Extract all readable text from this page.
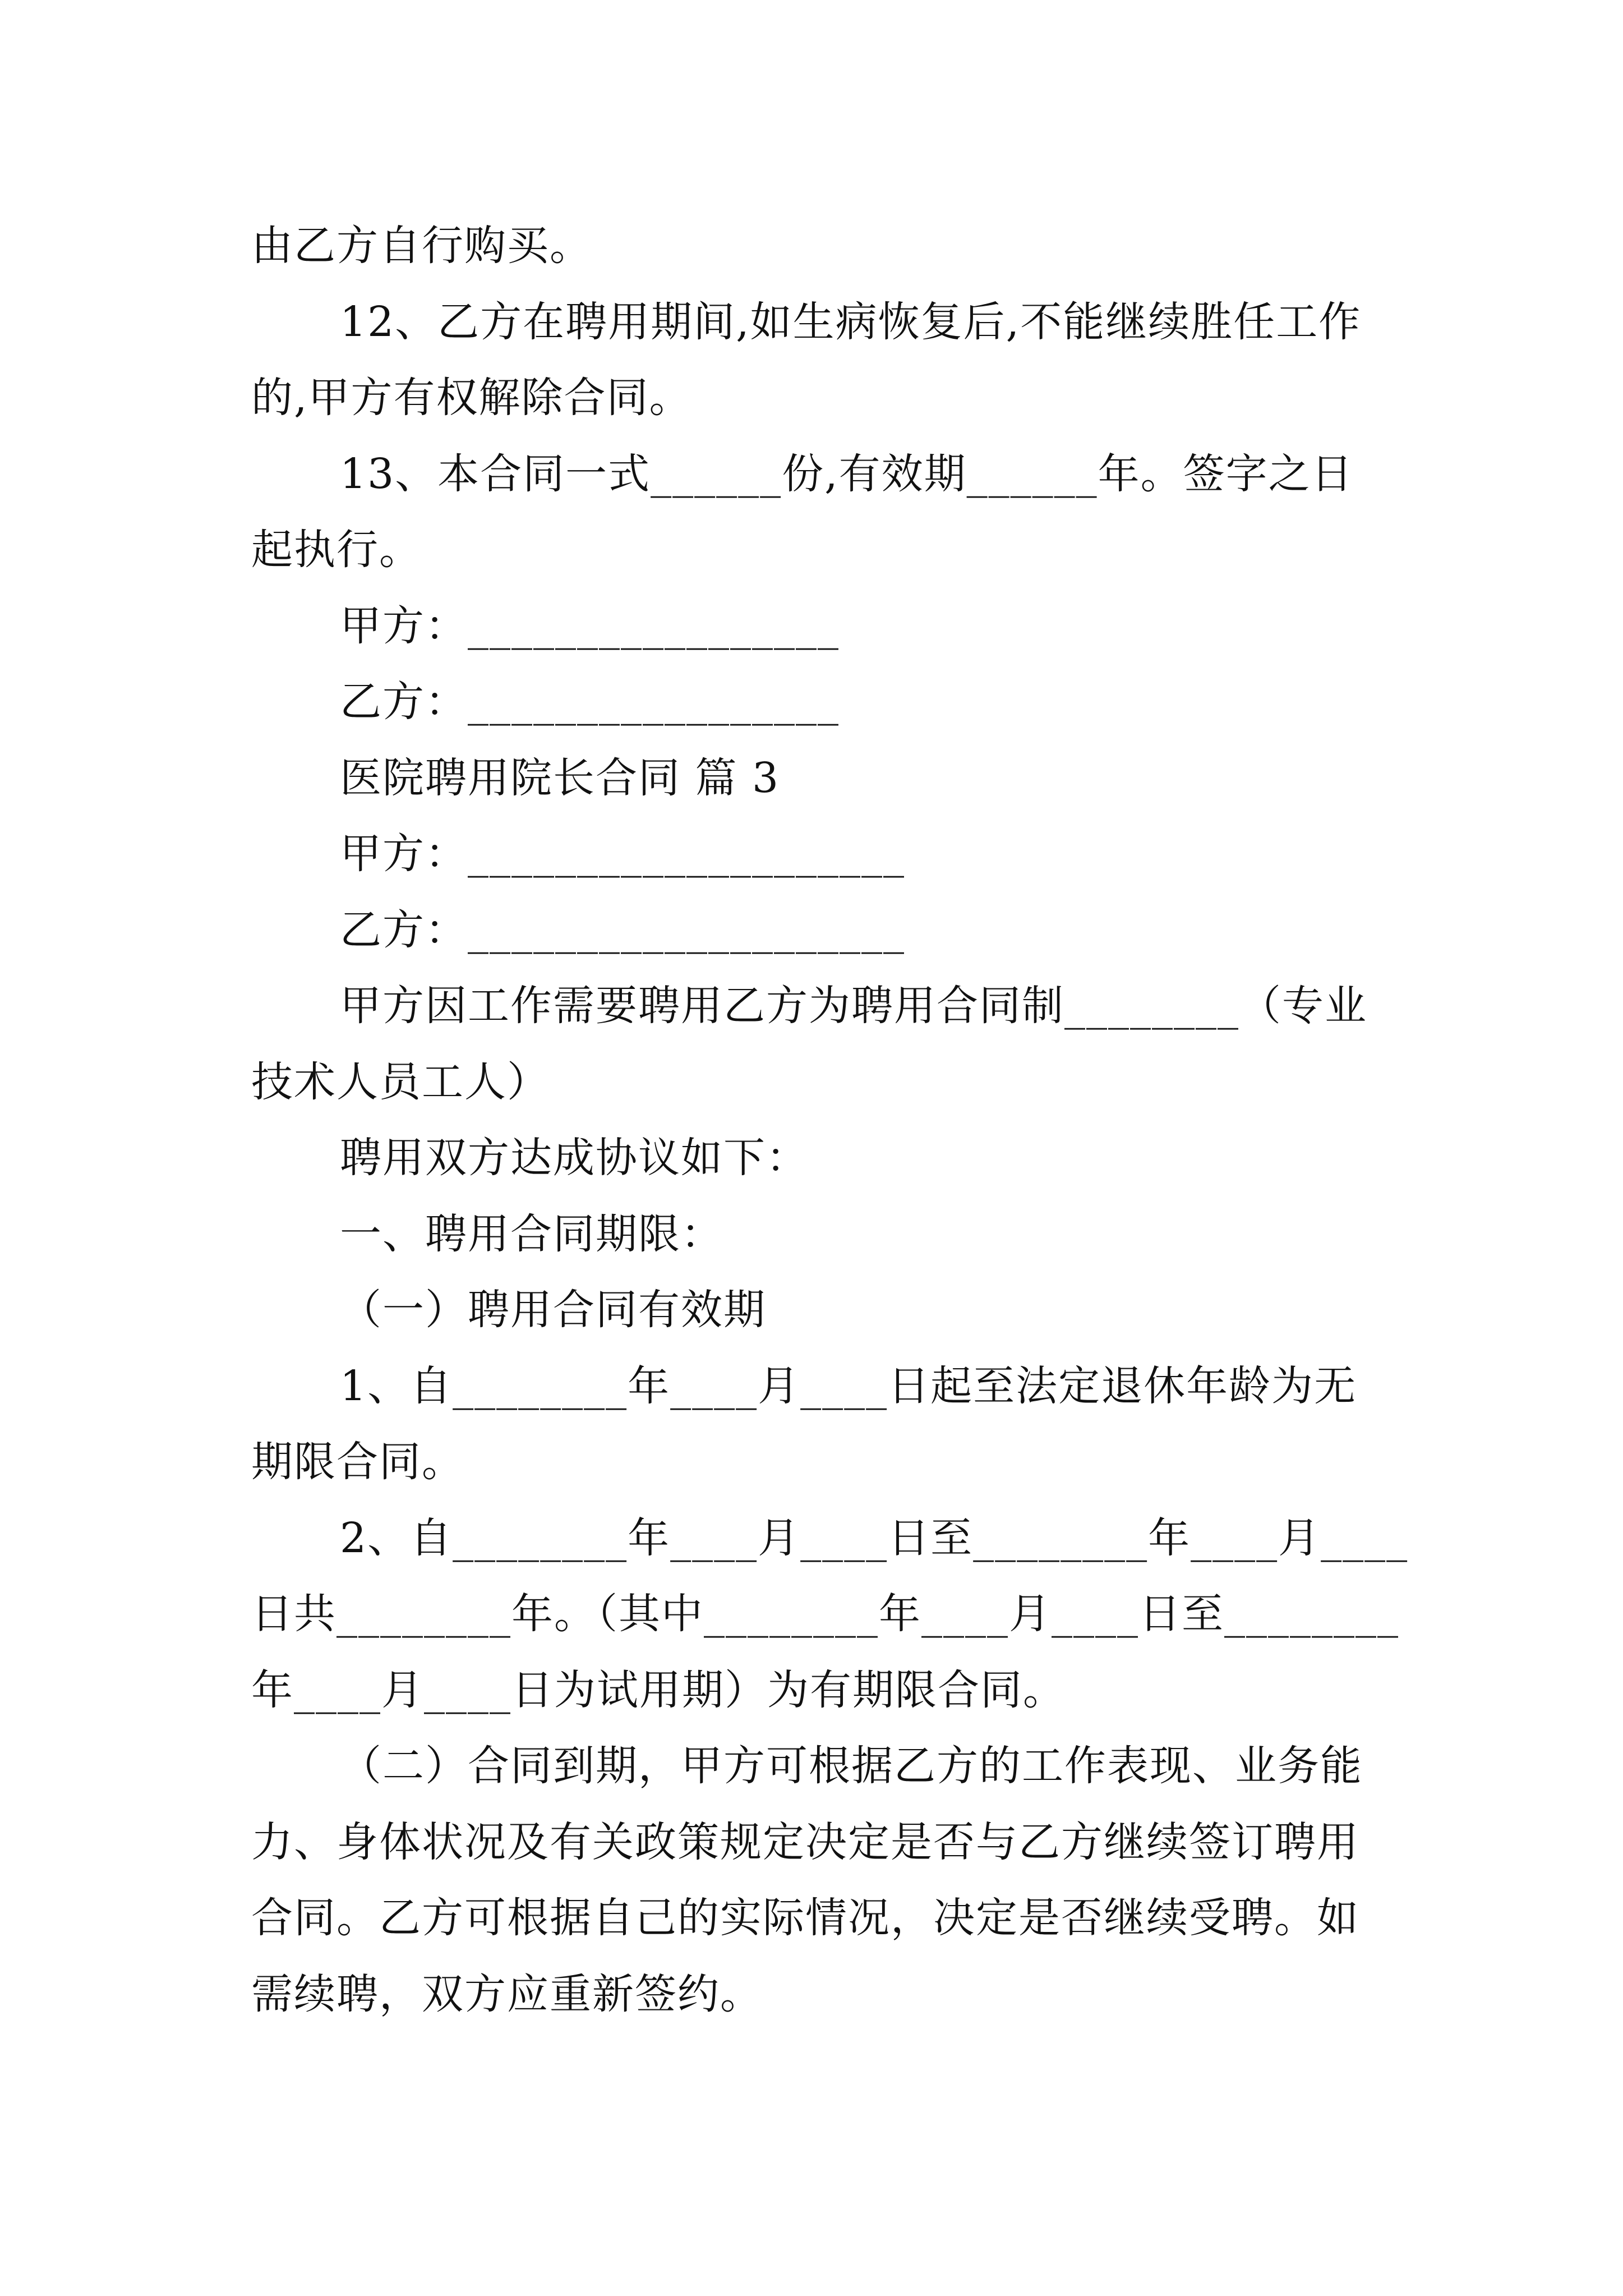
由乙方自行购买。
12、乙方在聘用期间,如生病恢复后,不能继续胜任工作
的,甲方有权解除合同。
13、本合同一式______份,有效期______年。签字之日
起执行。
甲方：_________________
乙方：_________________
医院聘用院长合同 篇 3
甲方：____________________
乙方：____________________
甲方因工作需要聘用乙方为聘用合同制________（专业
技术人员工人）
聘用双方达成协议如下：
一、聘用合同期限：
（一）聘用合同有效期
1、自________年____月____日起至法定退休年龄为无
期限合同。
2、自________年____月____日至________年____月____
日共________年。（其中________年____月____日至________
年____月____日为试用期）为有期限合同。
（二）合同到期，甲方可根据乙方的工作表现、业务能
力、身体状况及有关政策规定决定是否与乙方继续签订聘用
合同。乙方可根据自己的实际情况，决定是否继续受聘。如
需续聘，双方应重新签约。
